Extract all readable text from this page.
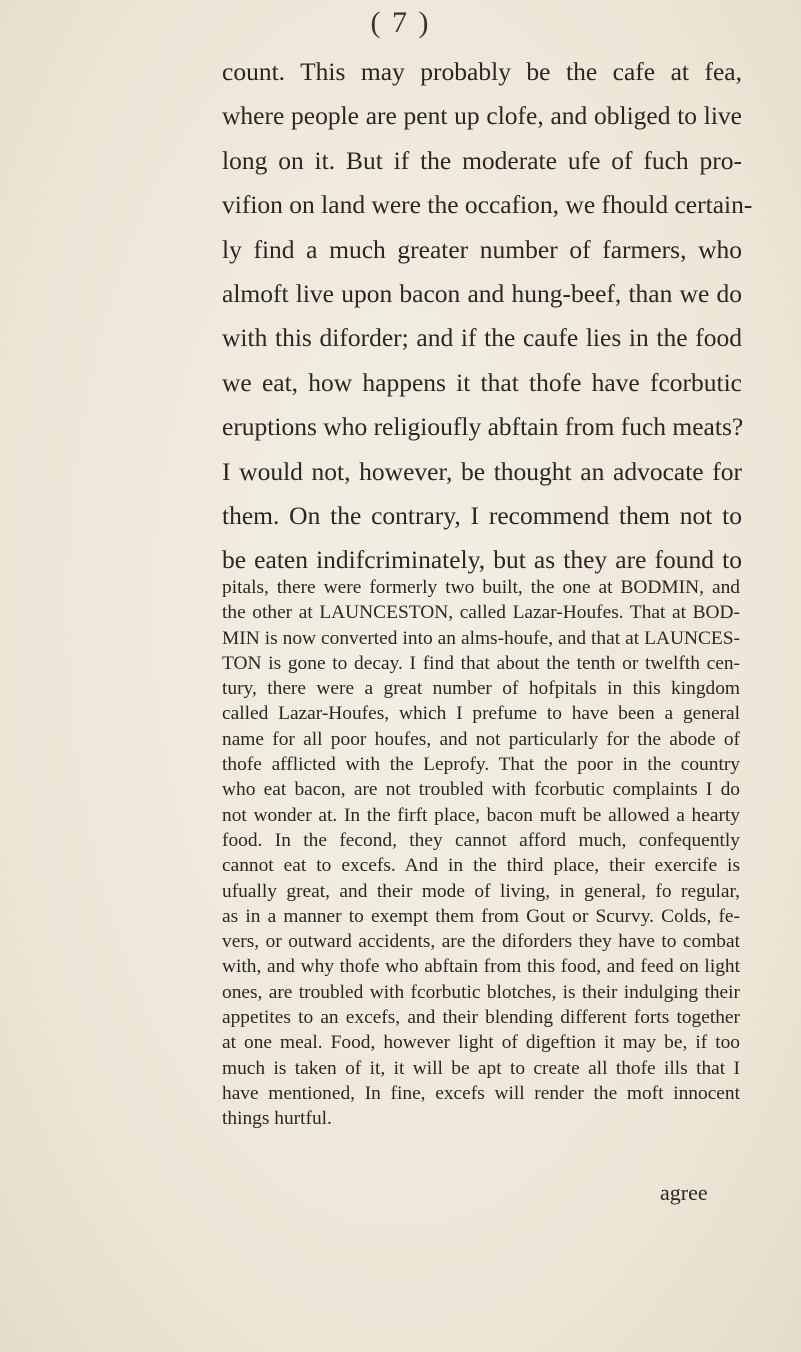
( 7 )
count. This may probably be the cafe at fea,
where people are pent up clofe, and obliged to live
long on it. But if the moderate ufe of fuch pro-
vifion on land were the occafion, we fhould certain-
ly find a much greater number of farmers, who
almoft live upon bacon and hung-beef, than we do
with this diforder; and if the caufe lies in the food
we eat, how happens it that thofe have fcorbutic
eruptions who religioufly abftain from fuch meats?
I would not, however, be thought an advocate for
them. On the contrary, I recommend them not to
be eaten indifcriminately, but as they are found to
pitals, there were formerly two built, the one at BODMIN, and
the other at LAUNCESTON, called Lazar-Houfes. That at BOD-
MIN is now converted into an alms-houfe, and that at LAUNCES-
TON is gone to decay. I find that about the tenth or twelfth cen-
tury, there were a great number of hofpitals in this kingdom
called Lazar-Houfes, which I prefume to have been a general
name for all poor houfes, and not particularly for the abode of
thofe afflicted with the Leprofy. That the poor in the country
who eat bacon, are not troubled with fcorbutic complaints I do
not wonder at. In the firft place, bacon muft be allowed a hearty
food. In the fecond, they cannot afford much, confequently
cannot eat to excefs. And in the third place, their exercife is
ufually great, and their mode of living, in general, fo regular,
as in a manner to exempt them from Gout or Scurvy. Colds, fe-
vers, or outward accidents, are the diforders they have to combat
with, and why thofe who abftain from this food, and feed on light
ones, are troubled with fcorbutic blotches, is their indulging their
appetites to an excefs, and their blending different forts together
at one meal. Food, however light of digeftion it may be, if too
much is taken of it, it will be apt to create all thofe ills that I
have mentioned, In fine, excefs will render the moft innocent
things hurtful.
agree
